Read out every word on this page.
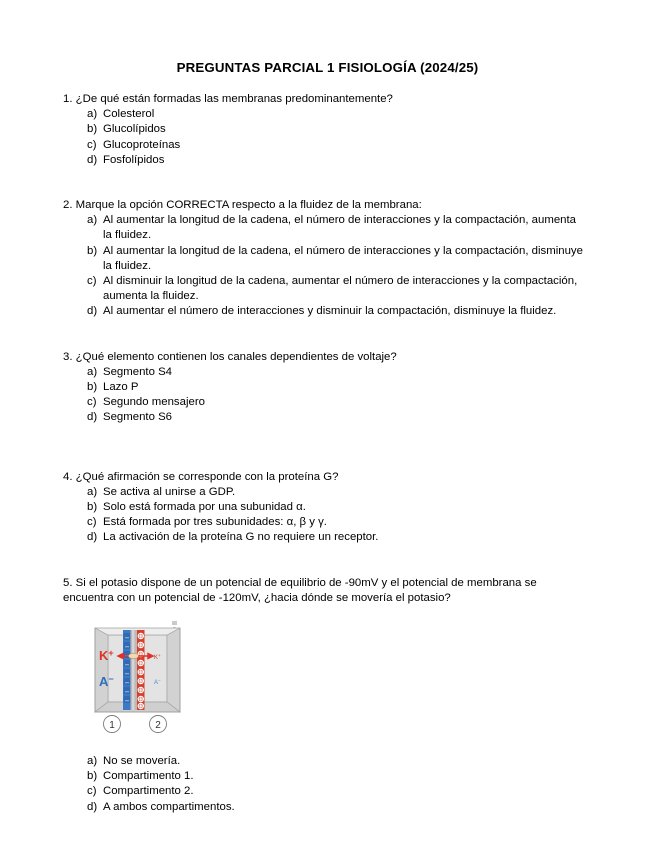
PREGUNTAS PARCIAL 1 FISIOLOGÍA (2024/25)
1. ¿De qué están formadas las membranas predominantemente?
a) Colesterol
b) Glucolípidos
c) Glucoproteínas
d) Fosfolípidos
2. Marque la opción CORRECTA respecto a la fluidez de la membrana:
a) Al aumentar la longitud de la cadena, el número de interacciones y la compactación, aumenta la fluidez.
b) Al aumentar la longitud de la cadena, el número de interacciones y la compactación, disminuye la fluidez.
c) Al disminuir la longitud de la cadena, aumentar el número de interacciones y la compactación, aumenta la fluidez.
d) Al aumentar el número de interacciones y disminuir la compactación, disminuye la fluidez.
3. ¿Qué elemento contienen los canales dependientes de voltaje?
a) Segmento S4
b) Lazo P
c) Segundo mensajero
d) Segmento S6
4. ¿Qué afirmación se corresponde con la proteína G?
a) Se activa al unirse a GDP.
b) Solo está formada por una subunidad α.
c) Está formada por tres subunidades: α, β y γ.
d) La activación de la proteína G no requiere un receptor.
5. Si el potasio dispone de un potencial de equilibrio de -90mV y el potencial de membrana se encuentra con un potencial de -120mV, ¿hacia dónde se movería el potasio?
K+
A−
K+
A−
1	2
a) No se movería.
b) Compartimento 1.
c) Compartimento 2.
d) A ambos compartimentos.
